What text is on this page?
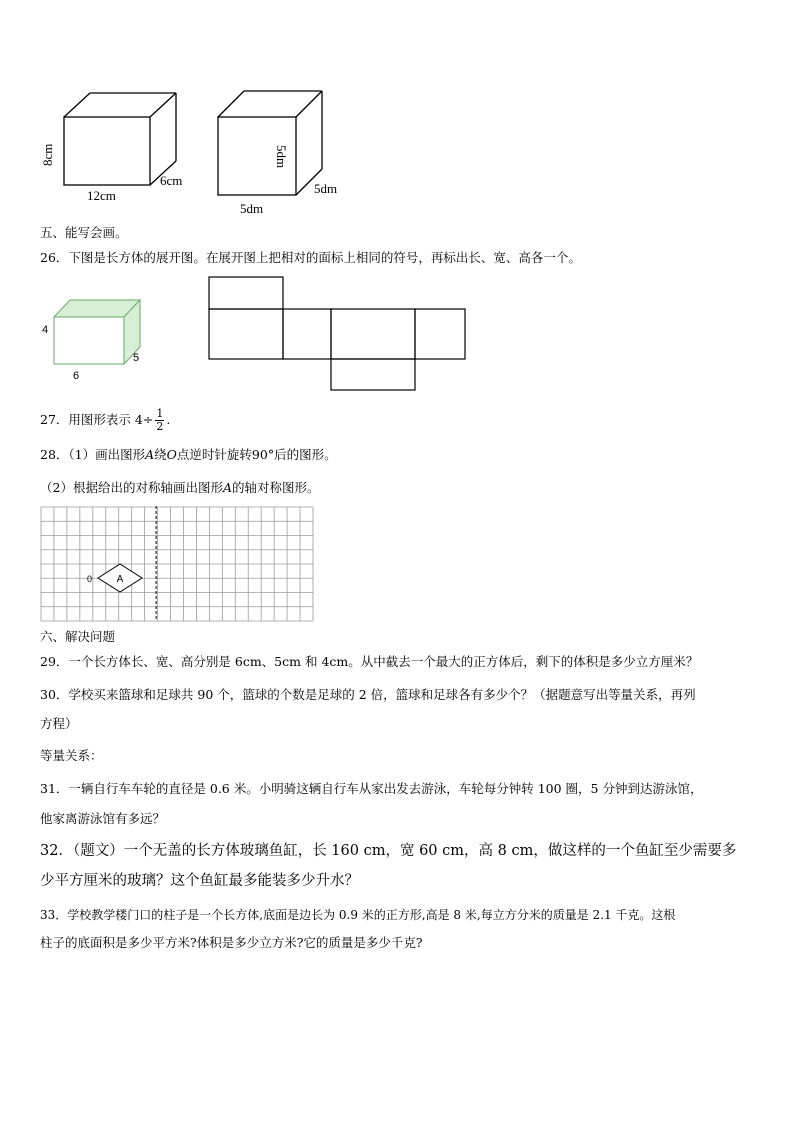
8cm
12cm
6cm
5dm
5dm
5dm
五、能写会画。
26．下图是长方体的展开图。在展开图上把相对的面标上相同的符号，再标出长、宽、高各一个。
4
5
6
27．用图形表示 $4\div \frac{1}{2}$ .
28．（1）画出图形A绕O点逆时针旋转90°后的图形。
（2）根据给出的对称轴画出图形A的轴对称图形。
A
0
六、解决问题
29．一个长方体长、宽、高分别是 6cm、5cm 和 4cm。从中截去一个最大的正方体后，剩下的体积是多少立方厘米？
30．学校买来篮球和足球共 90 个，篮球的个数是足球的 2 倍，篮球和足球各有多少个？（据题意写出等量关系，再列
方程）
等量关系：
31．一辆自行车车轮的直径是 0.6 米。小明骑这辆自行车从家出发去游泳，车轮每分钟转 100 圈，5 分钟到达游泳馆，
他家离游泳馆有多远？
32．（题文）一个无盖的长方体玻璃鱼缸，长 160 cm，宽 60 cm，高 8 cm，做这样的一个鱼缸至少需要多
少平方厘米的玻璃？这个鱼缸最多能装多少升水？
33．学校教学楼门口的柱子是一个长方体,底面是边长为 0.9 米的正方形,高是 8 米,每立方分米的质量是 2.1 千克。这根
柱子的底面积是多少平方米?体积是多少立方米?它的质量是多少千克?
